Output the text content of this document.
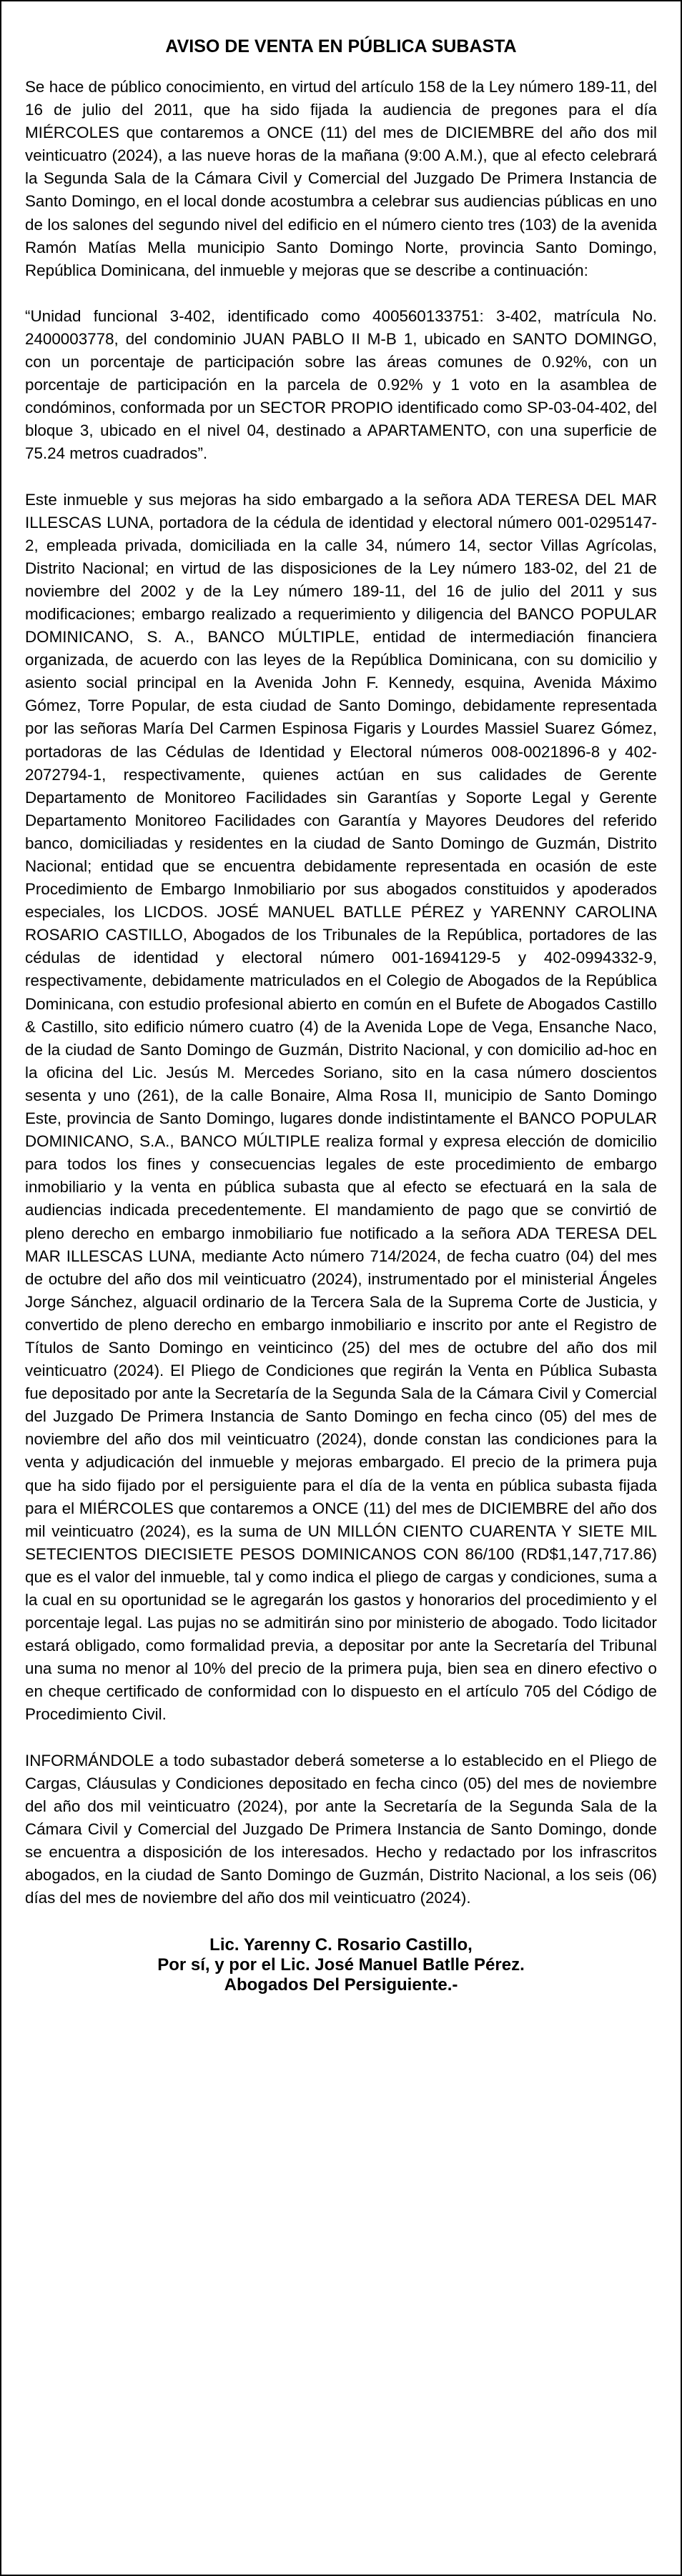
AVISO DE VENTA EN PÚBLICA SUBASTA
Se hace de público conocimiento, en virtud del artículo 158 de la Ley número 189-11, del 16 de julio del 2011, que ha sido fijada la audiencia de pregones para el día MIÉRCOLES que contaremos a ONCE (11) del mes de DICIEMBRE del año dos mil veinticuatro (2024), a las nueve horas de la mañana (9:00 A.M.), que al efecto celebrará la Segunda Sala de la Cámara Civil y Comercial del Juzgado De Primera Instancia de Santo Domingo, en el local donde acostumbra a celebrar sus audiencias públicas en uno de los salones del segundo nivel del edificio en el número ciento tres (103) de la avenida Ramón Matías Mella municipio Santo Domingo Norte, provincia Santo Domingo, República Dominicana, del inmueble y mejoras que se describe a continuación:
“Unidad funcional 3-402, identificado como 400560133751: 3-402, matrícula No. 2400003778, del condominio JUAN PABLO II M-B 1, ubicado en SANTO DOMINGO, con un porcentaje de participación sobre las áreas comunes de 0.92%, con un porcentaje de participación en la parcela de 0.92% y 1 voto en la asamblea de condóminos, conformada por un SECTOR PROPIO identificado como SP-03-04-402, del bloque 3, ubicado en el nivel 04, destinado a APARTAMENTO, con una superficie de 75.24 metros cuadrados”.
Este inmueble y sus mejoras ha sido embargado a la señora ADA TERESA DEL MAR ILLESCAS LUNA, portadora de la cédula de identidad y electoral número 001-0295147-2, empleada privada, domiciliada en la calle 34, número 14, sector Villas Agrícolas, Distrito Nacional; en virtud de las disposiciones de la Ley número 183-02, del 21 de noviembre del 2002 y de la Ley número 189-11, del 16 de julio del 2011 y sus modificaciones; embargo realizado a requerimiento y diligencia del BANCO POPULAR DOMINICANO, S. A., BANCO MÚLTIPLE, entidad de intermediación financiera organizada, de acuerdo con las leyes de la República Dominicana, con su domicilio y asiento social principal en la Avenida John F. Kennedy, esquina, Avenida Máximo Gómez, Torre Popular, de esta ciudad de Santo Domingo, debidamente representada por las señoras María Del Carmen Espinosa Figaris y Lourdes Massiel Suarez Gómez, portadoras de las Cédulas de Identidad y Electoral números 008-0021896-8 y 402-2072794-1, respectivamente, quienes actúan en sus calidades de Gerente Departamento de Monitoreo Facilidades sin Garantías y Soporte Legal y Gerente Departamento Monitoreo Facilidades con Garantía y Mayores Deudores del referido banco, domiciliadas y residentes en la ciudad de Santo Domingo de Guzmán, Distrito Nacional; entidad que se encuentra debidamente representada en ocasión de este Procedimiento de Embargo Inmobiliario por sus abogados constituidos y apoderados especiales, los LICDOS. JOSÉ MANUEL BATLLE PÉREZ y YARENNY CAROLINA ROSARIO CASTILLO, Abogados de los Tribunales de la República, portadores de las cédulas de identidad y electoral número 001-1694129-5 y 402-0994332-9, respectivamente, debidamente matriculados en el Colegio de Abogados de la República Dominicana, con estudio profesional abierto en común en el Bufete de Abogados Castillo & Castillo, sito edificio número cuatro (4) de la Avenida Lope de Vega, Ensanche Naco, de la ciudad de Santo Domingo de Guzmán, Distrito Nacional, y con domicilio ad-hoc en la oficina del Lic. Jesús M. Mercedes Soriano, sito en la casa número doscientos sesenta y uno (261), de la calle Bonaire, Alma Rosa II, municipio de Santo Domingo Este, provincia de Santo Domingo, lugares donde indistintamente el BANCO POPULAR DOMINICANO, S.A., BANCO MÚLTIPLE realiza formal y expresa elección de domicilio para todos los fines y consecuencias legales de este procedimiento de embargo inmobiliario y la venta en pública subasta que al efecto se efectuará en la sala de audiencias indicada precedentemente. El mandamiento de pago que se convirtió de pleno derecho en embargo inmobiliario fue notificado a la señora ADA TERESA DEL MAR ILLESCAS LUNA, mediante Acto número 714/2024, de fecha cuatro (04) del mes de octubre del año dos mil veinticuatro (2024), instrumentado por el ministerial Ángeles Jorge Sánchez, alguacil ordinario de la Tercera Sala de la Suprema Corte de Justicia, y convertido de pleno derecho en embargo inmobiliario e inscrito por ante el Registro de Títulos de Santo Domingo en veinticinco (25) del mes de octubre del año dos mil veinticuatro (2024). El Pliego de Condiciones que regirán la Venta en Pública Subasta fue depositado por ante la Secretaría de la Segunda Sala de la Cámara Civil y Comercial del Juzgado De Primera Instancia de Santo Domingo en fecha cinco (05) del mes de noviembre del año dos mil veinticuatro (2024), donde constan las condiciones para la venta y adjudicación del inmueble y mejoras embargado. El precio de la primera puja que ha sido fijado por el persiguiente para el día de la venta en pública subasta fijada para el MIÉRCOLES que contaremos a ONCE (11) del mes de DICIEMBRE del año dos mil veinticuatro (2024), es la suma de UN MILLÓN CIENTO CUARENTA Y SIETE MIL SETECIENTOS DIECISIETE PESOS DOMINICANOS CON 86/100 (RD$1,147,717.86) que es el valor del inmueble, tal y como indica el pliego de cargas y condiciones, suma a la cual en su oportunidad se le agregarán los gastos y honorarios del procedimiento y el porcentaje legal. Las pujas no se admitirán sino por ministerio de abogado. Todo licitador estará obligado, como formalidad previa, a depositar por ante la Secretaría del Tribunal una suma no menor al 10% del precio de la primera puja, bien sea en dinero efectivo o en cheque certificado de conformidad con lo dispuesto en el artículo 705 del Código de Procedimiento Civil.
INFORMÁNDOLE a todo subastador deberá someterse a lo establecido en el Pliego de Cargas, Cláusulas y Condiciones depositado en fecha cinco (05) del mes de noviembre del año dos mil veinticuatro (2024), por ante la Secretaría de la Segunda Sala de la Cámara Civil y Comercial del Juzgado De Primera Instancia de Santo Domingo, donde se encuentra a disposición de los interesados. Hecho y redactado por los infrascritos abogados, en la ciudad de Santo Domingo de Guzmán, Distrito Nacional, a los seis (06) días del mes de noviembre del año dos mil veinticuatro (2024).
Lic. Yarenny C. Rosario Castillo,
Por sí, y por el Lic. José Manuel Batlle Pérez.
Abogados Del Persiguiente.-
